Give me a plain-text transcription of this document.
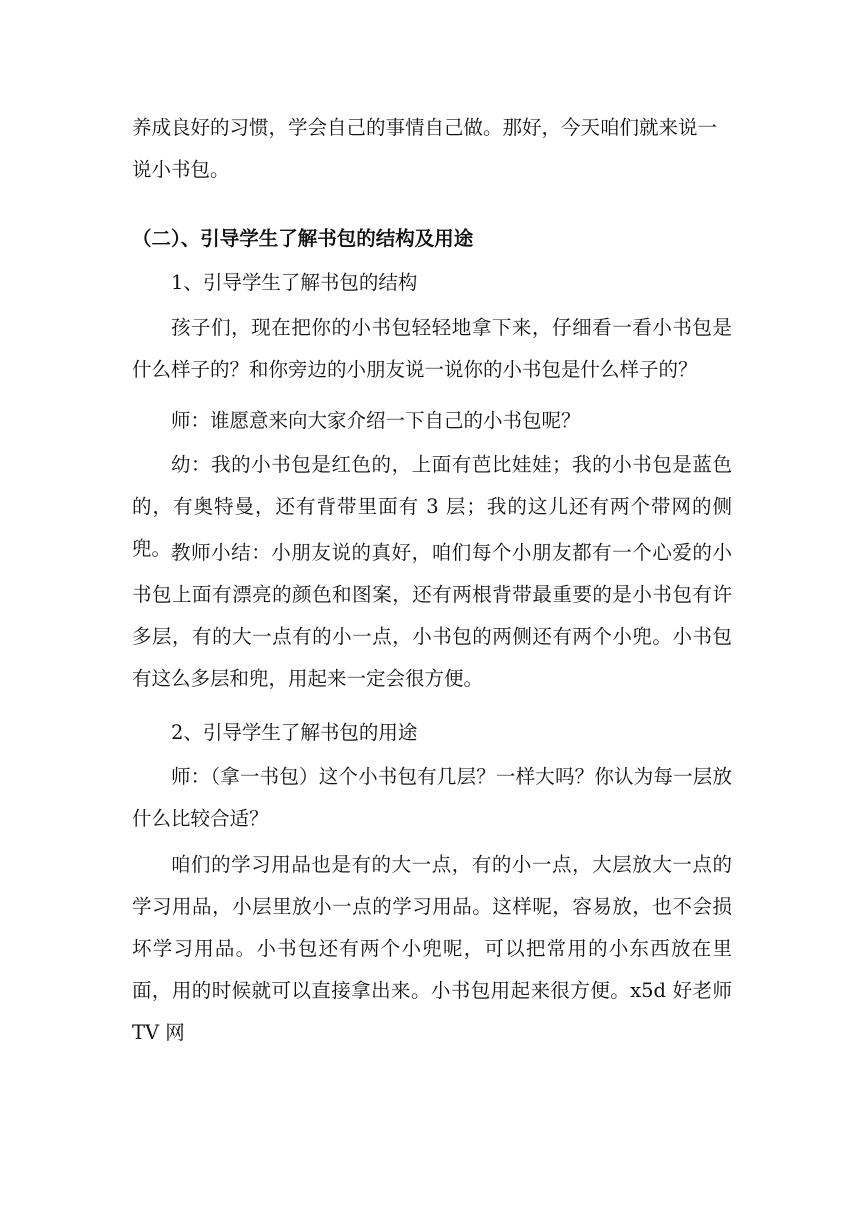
养成良好的习惯，学会自己的事情自己做。那好，今天咱们就来说一
说小书包。
（二）、引导学生了解书包的结构及用途
1、引导学生了解书包的结构
孩子们，现在把你的小书包轻轻地拿下来，仔细看一看小书包是什么样子的？和你旁边的小朋友说一说你的小书包是什么样子的？
师：谁愿意来向大家介绍一下自己的小书包呢？
幼：我的小书包是红色的，上面有芭比娃娃；我的小书包是蓝色的，有奥特曼，还有背带里面有 3 层；我的这儿还有两个带网的侧兜。 教师小结：小朋友说的真好，咱们每个小朋友都有一个心爱的小书包上面有漂亮的颜色和图案，还有两根背带最重要的是小书包有许多层，有的大一点有的小一点，小书包的两侧还有两个小兜。小书包有这么多层和兜，用起来一定会很方便。
2、引导学生了解书包的用途
师：（拿一书包）这个小书包有几层？一样大吗？你认为每一层放什么比较合适？
咱们的学习用品也是有的大一点，有的小一点，大层放大一点的学习用品，小层里放小一点的学习用品。这样呢，容易放，也不会损坏学习用品。小书包还有两个小兜呢，可以把常用的小东西放在里面，用的时候就可以直接拿出来。小书包用起来很方便。x5d 好老师 TV 网
